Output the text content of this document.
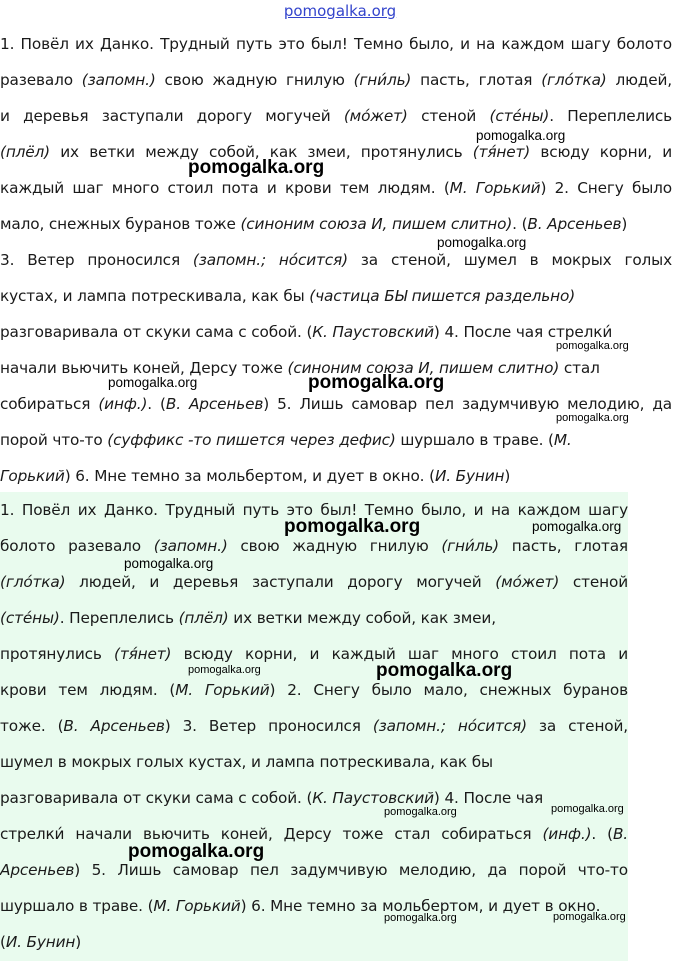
pomogalka.org
1. Повёл их Данко. Трудный путь это был! Темно было, и на каждом шагу болото
разевало (запомн.) свою жадную гнилую (гни́ль) пасть, глотая (гло́тка) людей,
и деревья заступали дорогу могучей (мо́жет) стеной (сте́ны). Переплелись
(плёл) их ветки между собой, как змеи, протянулись (тя́нет) всюду корни, и
каждый шаг много стоил пота и крови тем людям. (М. Горький) 2. Снегу было
мало, снежных буранов тоже (синоним союза И, пишем слитно). (В. Арсеньев)
3. Ветер проносился (запомн.; но́сится) за стеной, шумел в мокрых голых
кустах, и лампа потрескивала, как бы (частица БЫ пишется раздельно)
разговаривала от скуки сама с собой. (К. Паустовский) 4. После чая стрелки́
начали вьючить коней, Дерсу тоже (синоним союза И, пишем слитно) стал
собираться (инф.). (В. Арсеньев) 5. Лишь самовар пел задумчивую мелодию, да
порой что-то (суффикс -то пишется через дефис) шуршало в траве. (М.
Горький) 6. Мне темно за мольбертом, и дует в окно. (И. Бунин)
1. Повёл их Данко. Трудный путь это был! Темно было, и на каждом шагу
болото разевало (запомн.) свою жадную гнилую (гни́ль) пасть, глотая
(гло́тка) людей, и деревья заступали дорогу могучей (мо́жет) стеной
(сте́ны). Переплелись (плёл) их ветки между собой, как змеи,
протянулись (тя́нет) всюду корни, и каждый шаг много стоил пота и
крови тем людям. (М. Горький) 2. Снегу было мало, снежных буранов
тоже. (В. Арсеньев) 3. Ветер проносился (запомн.; но́сится) за стеной,
шумел в мокрых голых кустах, и лампа потрескивала, как бы
разговаривала от скуки сама с собой. (К. Паустовский) 4. После чая
стрелки́ начали вьючить коней, Дерсу тоже стал собираться (инф.). (В.
Арсеньев) 5. Лишь самовар пел задумчивую мелодию, да порой что-то
шуршало в траве. (М. Горький) 6. Мне темно за мольбертом, и дует в окно.
(И. Бунин)
pomogalka.org
pomogalka.org
pomogalka.org
pomogalka.org
pomogalka.org	pomogalka.org
pomogalka.org
pomogalka.org	pomogalka.org
pomogalka.org
pomogalka.org	pomogalka.org
pomogalka.org	pomogalka.org
pomogalka.org
pomogalka.org	pomogalka.org
